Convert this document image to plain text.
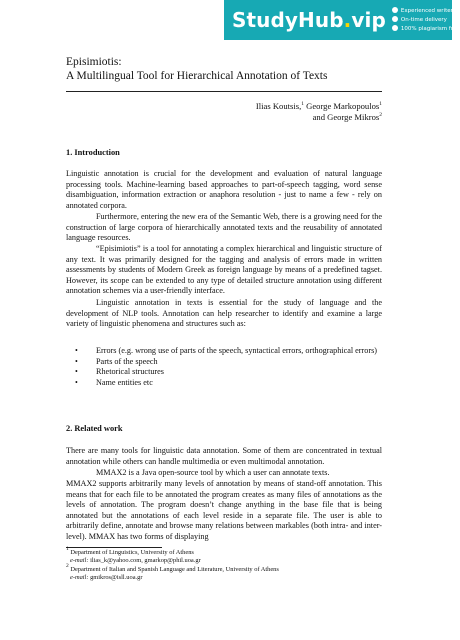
StudyHub.vip	Experienced writers
On-time delivery
100% plagiarism free
Episimiotis:
A Multilingual Tool for Hierarchical Annotation of Texts
Ilias Koutsis,$^1$ George Markopoulos$^1$
and George Mikros$^2$
1. Introduction
Linguistic annotation is crucial for the development and evaluation of natural language processing tools. Machine-learning based approaches to part-of-speech tagging, word sense disambiguation, information extraction or anaphora resolution - just to name a few - rely on annotated corpora.
Furthermore, entering the new era of the Semantic Web, there is a growing need for the construction of large corpora of hierarchically annotated texts and the reusability of annotated language resources.
“Episimiotis” is a tool for annotating a complex hierarchical and linguistic structure of any text. It was primarily designed for the tagging and analysis of errors made in written assessments by students of Modern Greek as foreign language by means of a predefined tagset. However, its scope can be extended to any type of detailed structure annotation using different annotation schemes via a user-friendly interface.
Linguistic annotation in texts is essential for the study of language and the development of NLP tools. Annotation can help researcher to identify and examine a large variety of linguistic phenomena and structures such as:
• Errors (e.g. wrong use of parts of the speech, syntactical errors, orthographical errors)
• Parts of the speech
• Rhetorical structures
• Name entities etc
2. Related work
There are many tools for linguistic data annotation. Some of them are concentrated in textual annotation while others can handle multimedia or even multimodal annotation.
MMAX2 is a Java open-source tool by which a user can annotate texts.
MMAX2 supports arbitrarily many levels of annotation by means of stand-off annotation. This means that for each file to be annotated the program creates as many files of annotations as the levels of annotation. The program doesn’t change anything in the base file that is being annotated but the annotations of each level reside in a separate file. The user is able to arbitrarily define, annotate and browse many relations between markables (both intra- and inter-level). MMAX has two forms of displaying
$^1$ Department of Linguistics, University of Athens
e-mail: ilias_k@yahoo.com, gmarkop@phil.uoa.gr
$^2$ Department of Italian and Spanish Language and Literature, University of Athens
e-mail: gmikros@isll.uoa.gr
